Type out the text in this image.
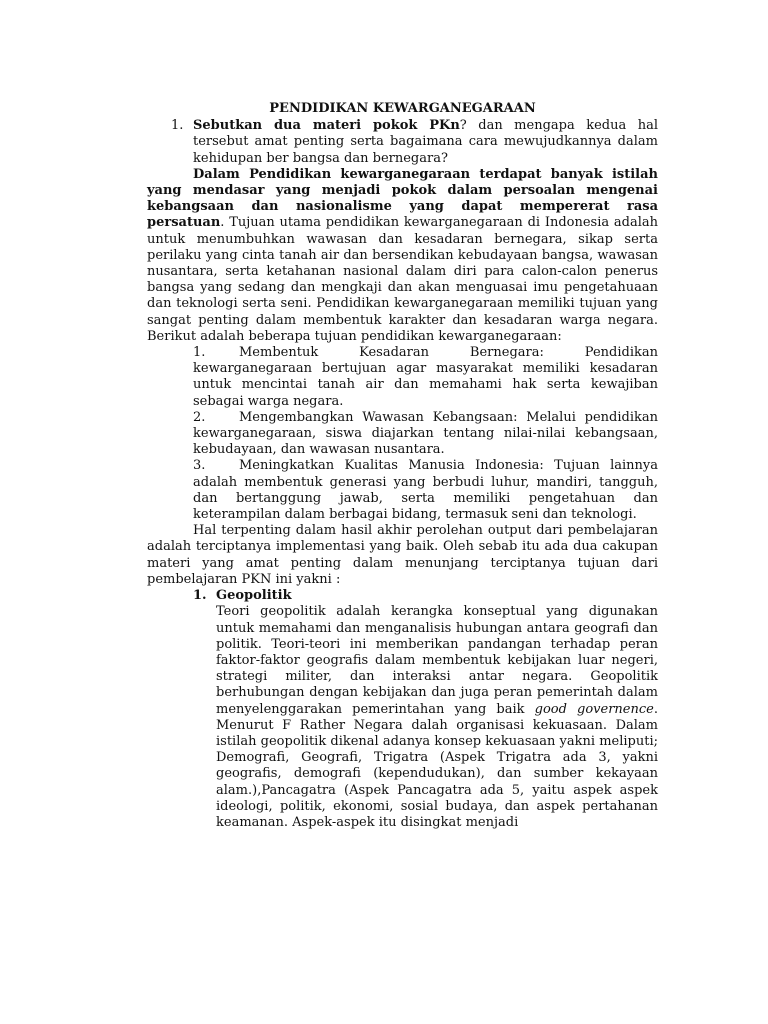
PENDIDIKAN KEWARGANEGARAAN
1. Sebutkan dua materi pokok PKn? dan mengapa kedua hal tersebut amat penting serta bagaimana cara mewujudkannya dalam kehidupan ber bangsa dan bernegara?

Dalam Pendidikan kewarganegaraan terdapat banyak istilah yang mendasar yang menjadi pokok dalam persoalan mengenai kebangsaan dan nasionalisme yang dapat mempererat rasa persatuan. Tujuan utama pendidikan kewarganegaraan di Indonesia adalah untuk menumbuhkan wawasan dan kesadaran bernegara, sikap serta perilaku yang cinta tanah air dan bersendikan kebudayaan bangsa, wawasan nusantara, serta ketahanan nasional dalam diri para calon-calon penerus bangsa yang sedang dan mengkaji dan akan menguasai imu pengetahuaan dan teknologi serta seni. Pendidikan kewarganegaraan memiliki tujuan yang sangat penting dalam membentuk karakter dan kesadaran warga negara. Berikut adalah beberapa tujuan pendidikan kewarganegaraan:

1.	Membentuk Kesadaran Bernegara: Pendidikan kewarganegaraan bertujuan agar masyarakat memiliki kesadaran untuk mencintai tanah air dan memahami hak serta kewajiban sebagai warga negara.

2.	Mengembangkan Wawasan Kebangsaan: Melalui pendidikan kewarganegaraan, siswa diajarkan tentang nilai-nilai kebangsaan, kebudayaan, dan wawasan nusantara.

3.	Meningkatkan Kualitas Manusia Indonesia: Tujuan lainnya adalah membentuk generasi yang berbudi luhur, mandiri, tangguh, dan bertanggung jawab, serta memiliki pengetahuan dan keterampilan dalam berbagai bidang, termasuk seni dan teknologi.

Hal terpenting dalam hasil akhir perolehan output dari pembelajaran adalah terciptanya implementasi yang baik. Oleh sebab itu ada dua cakupan materi yang amat penting dalam menunjang terciptanya tujuan dari pembelajaran PKN ini yakni :

1. Geopolitik

Teori geopolitik adalah kerangka konseptual yang digunakan untuk memahami dan menganalisis hubungan antara geografi dan politik. Teori-teori ini memberikan pandangan terhadap peran faktor-faktor geografis dalam membentuk kebijakan luar negeri, strategi militer, dan interaksi antar negara. Geopolitik berhubungan dengan kebijakan dan juga peran pemerintah dalam menyelenggarakan pemerintahan yang baik good governence. Menurut F Rather Negara dalah organisasi kekuasaan. Dalam istilah geopolitik dikenal adanya konsep kekuasaan yakni meliputi; Demografi, Geografi, Trigatra (Aspek Trigatra ada 3, yakni geografis, demografi (kependudukan), dan sumber kekayaan alam.),Pancagatra (Aspek Pancagatra ada 5, yaitu aspek aspek ideologi, politik, ekonomi, sosial budaya, dan aspek pertahanan keamanan. Aspek-aspek itu disingkat menjadi
